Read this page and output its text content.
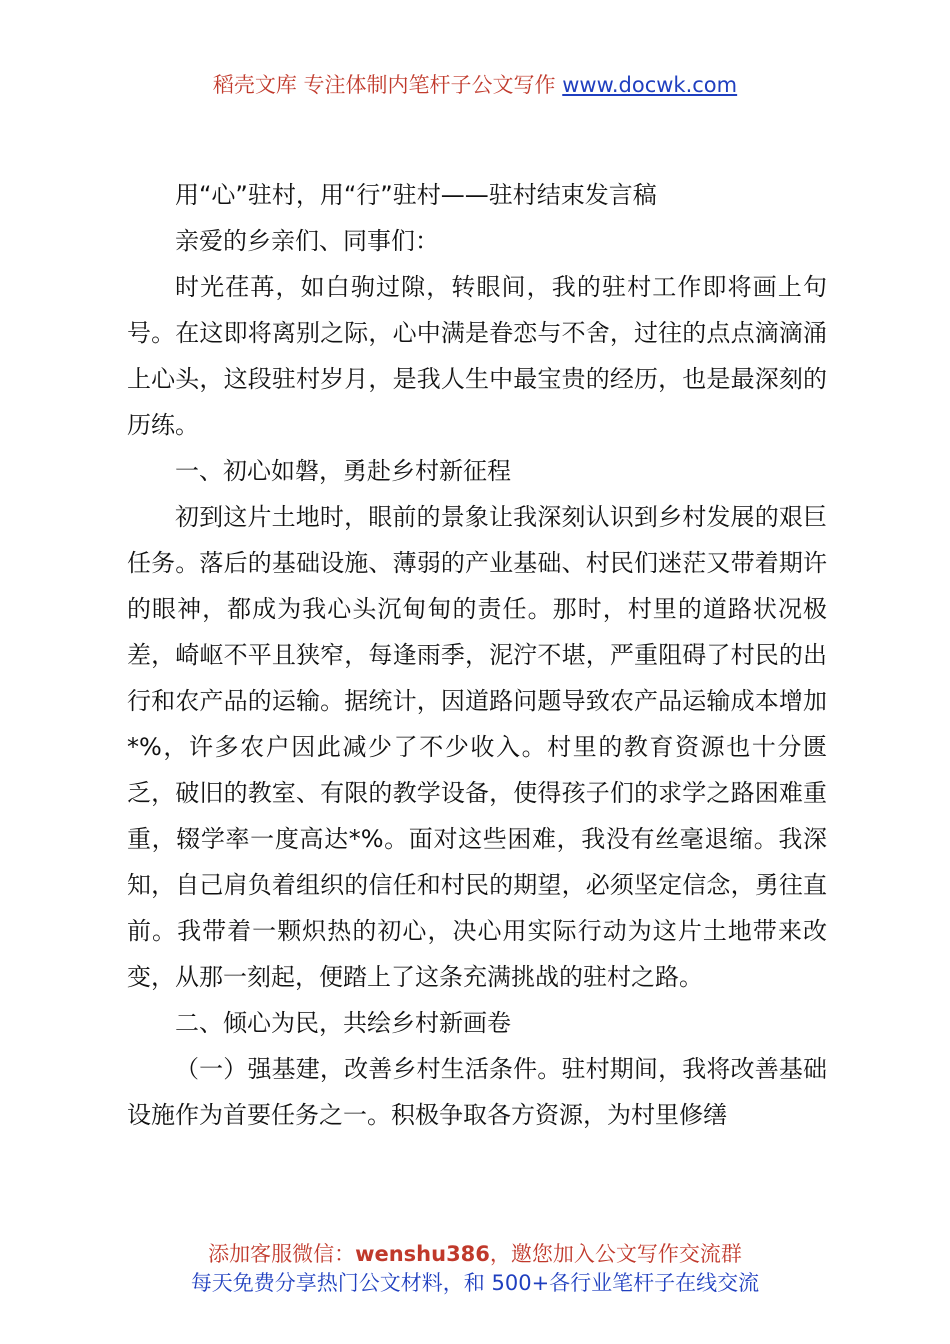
稻壳文库 专注体制内笔杆子公文写作 www.docwk.com

用“心”驻村，用“行”驻村——驻村结束发言稿

亲爱的乡亲们、同事们：

时光荏苒，如白驹过隙，转眼间，我的驻村工作即将画上句号。在这即将离别之际，心中满是眷恋与不舍，过往的点点滴滴涌上心头，这段驻村岁月，是我人生中最宝贵的经历，也是最深刻的历练。

一、初心如磐，勇赴乡村新征程

初到这片土地时，眼前的景象让我深刻认识到乡村发展的艰巨任务。落后的基础设施、薄弱的产业基础、村民们迷茫又带着期许的眼神，都成为我心头沉甸甸的责任。那时，村里的道路状况极差，崎岖不平且狭窄，每逢雨季，泥泞不堪，严重阻碍了村民的出行和农产品的运输。据统计，因道路问题导致农产品运输成本增加*%，许多农户因此减少了不少收入。村里的教育资源也十分匮乏，破旧的教室、有限的教学设备，使得孩子们的求学之路困难重重，辍学率一度高达*%。面对这些困难，我没有丝毫退缩。我深知，自己肩负着组织的信任和村民的期望，必须坚定信念，勇往直前。我带着一颗炽热的初心，决心用实际行动为这片土地带来改变，从那一刻起，便踏上了这条充满挑战的驻村之路。

二、倾心为民，共绘乡村新画卷

（一）强基建，改善乡村生活条件。驻村期间，我将改善基础设施作为首要任务之一。积极争取各方资源，为村里修缮

添加客服微信：wenshu386，邀您加入公文写作交流群
每天免费分享热门公文材料，和 500+各行业笔杆子在线交流
